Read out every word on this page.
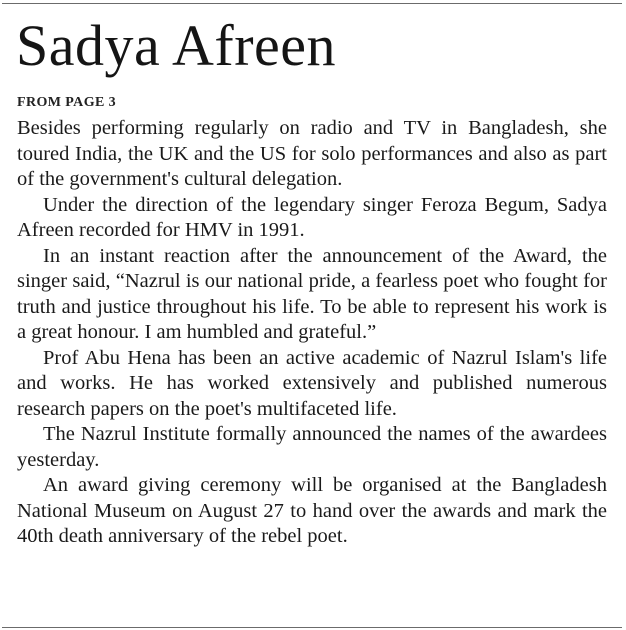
Sadya Afreen
FROM PAGE 3

Besides performing regularly on radio and TV in Bangladesh, she toured India, the UK and the US for solo performances and also as part of the government's cultural delegation.

Under the direction of the legendary singer Feroza Begum, Sadya Afreen recorded for HMV in 1991.

In an instant reaction after the announcement of the Award, the singer said, “Nazrul is our national pride, a fearless poet who fought for truth and justice throughout his life. To be able to represent his work is a great honour. I am humbled and grateful.”

Prof Abu Hena has been an active academic of Nazrul Islam's life and works. He has worked extensively and published numerous research papers on the poet's multifaceted life.

The Nazrul Institute formally announced the names of the awardees yesterday.

An award giving ceremony will be organised at the Bangladesh National Museum on August 27 to hand over the awards and mark the 40th death anniversary of the rebel poet.
